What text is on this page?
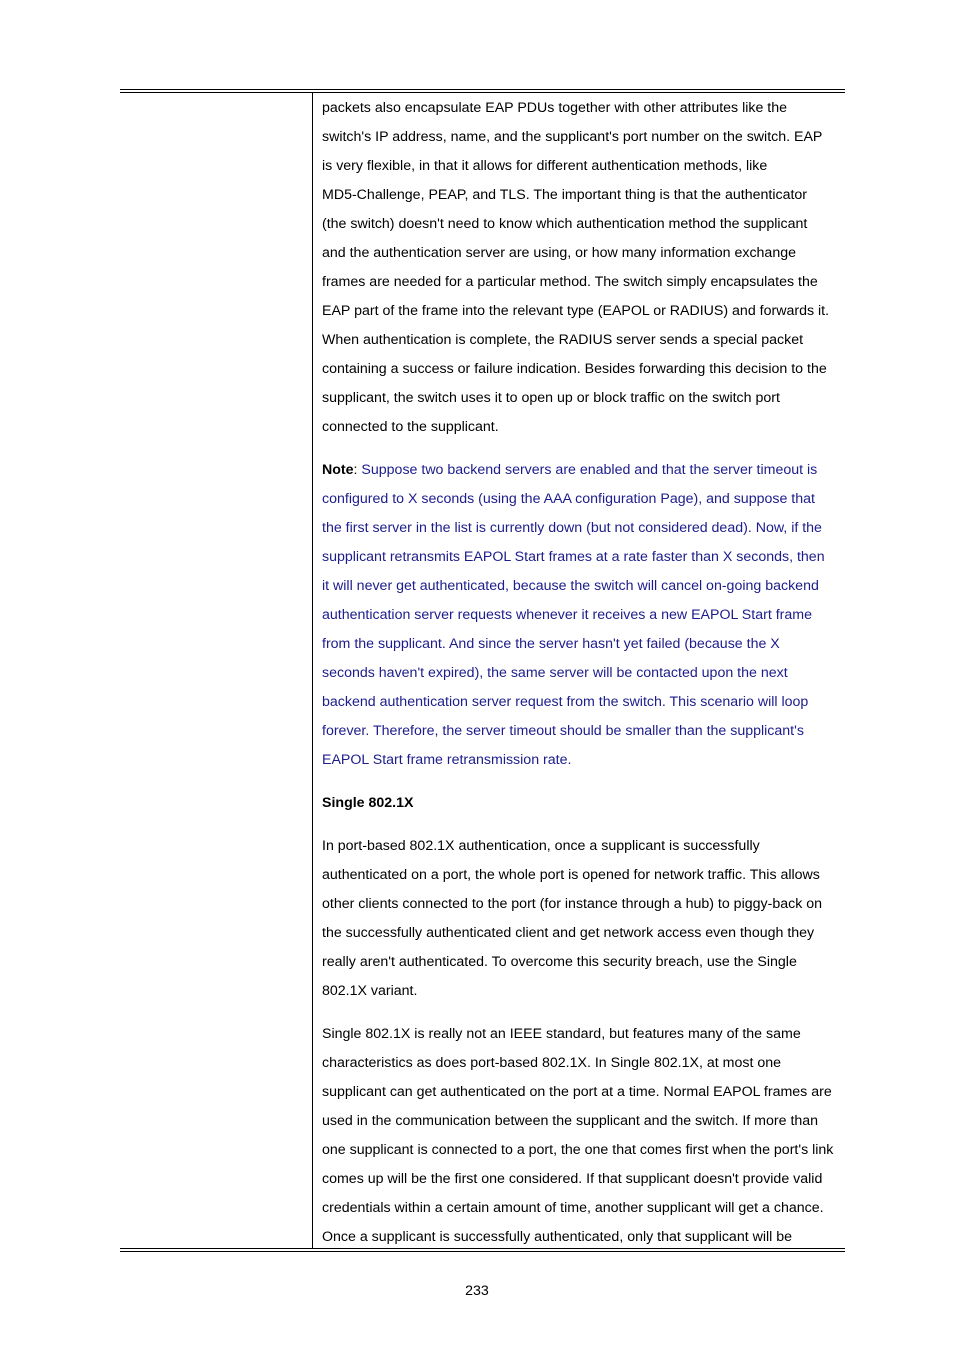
packets also encapsulate EAP PDUs together with other attributes like the
switch's IP address, name, and the supplicant's port number on the switch. EAP
is very flexible, in that it allows for different authentication methods, like
MD5-Challenge, PEAP, and TLS. The important thing is that the authenticator
(the switch) doesn't need to know which authentication method the supplicant
and the authentication server are using, or how many information exchange
frames are needed for a particular method. The switch simply encapsulates the
EAP part of the frame into the relevant type (EAPOL or RADIUS) and forwards it.
When authentication is complete, the RADIUS server sends a special packet
containing a success or failure indication. Besides forwarding this decision to the
supplicant, the switch uses it to open up or block traffic on the switch port
connected to the supplicant.

Note: Suppose two backend servers are enabled and that the server timeout is
configured to X seconds (using the AAA configuration Page), and suppose that
the first server in the list is currently down (but not considered dead). Now, if the
supplicant retransmits EAPOL Start frames at a rate faster than X seconds, then
it will never get authenticated, because the switch will cancel on-going backend
authentication server requests whenever it receives a new EAPOL Start frame
from the supplicant. And since the server hasn't yet failed (because the X
seconds haven't expired), the same server will be contacted upon the next
backend authentication server request from the switch. This scenario will loop
forever. Therefore, the server timeout should be smaller than the supplicant's
EAPOL Start frame retransmission rate.

Single 802.1X

In port-based 802.1X authentication, once a supplicant is successfully
authenticated on a port, the whole port is opened for network traffic. This allows
other clients connected to the port (for instance through a hub) to piggy-back on
the successfully authenticated client and get network access even though they
really aren't authenticated. To overcome this security breach, use the Single
802.1X variant.

Single 802.1X is really not an IEEE standard, but features many of the same
characteristics as does port-based 802.1X. In Single 802.1X, at most one
supplicant can get authenticated on the port at a time. Normal EAPOL frames are
used in the communication between the supplicant and the switch. If more than
one supplicant is connected to a port, the one that comes first when the port's link
comes up will be the first one considered. If that supplicant doesn't provide valid
credentials within a certain amount of time, another supplicant will get a chance.
Once a supplicant is successfully authenticated, only that supplicant will be

233
